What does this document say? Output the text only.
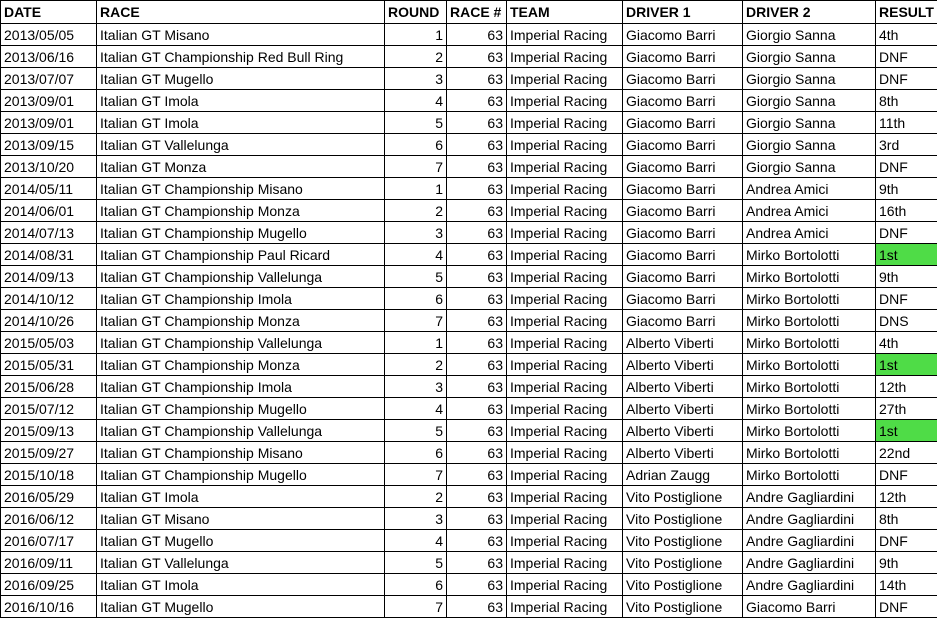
DATE	RACE	ROUND	RACE #	TEAM	DRIVER 1	DRIVER 2	RESULT
2013/05/05	Italian GT Misano	1	63	Imperial Racing	Giacomo Barri	Giorgio Sanna	4th
2013/06/16	Italian GT Championship Red Bull Ring	2	63	Imperial Racing	Giacomo Barri	Giorgio Sanna	DNF
2013/07/07	Italian GT Mugello	3	63	Imperial Racing	Giacomo Barri	Giorgio Sanna	DNF
2013/09/01	Italian GT Imola	4	63	Imperial Racing	Giacomo Barri	Giorgio Sanna	8th
2013/09/01	Italian GT Imola	5	63	Imperial Racing	Giacomo Barri	Giorgio Sanna	11th
2013/09/15	Italian GT Vallelunga	6	63	Imperial Racing	Giacomo Barri	Giorgio Sanna	3rd
2013/10/20	Italian GT Monza	7	63	Imperial Racing	Giacomo Barri	Giorgio Sanna	DNF
2014/05/11	Italian GT Championship Misano	1	63	Imperial Racing	Giacomo Barri	Andrea Amici	9th
2014/06/01	Italian GT Championship Monza	2	63	Imperial Racing	Giacomo Barri	Andrea Amici	16th
2014/07/13	Italian GT Championship Mugello	3	63	Imperial Racing	Giacomo Barri	Andrea Amici	DNF
2014/08/31	Italian GT Championship Paul Ricard	4	63	Imperial Racing	Giacomo Barri	Mirko Bortolotti	1st
2014/09/13	Italian GT Championship Vallelunga	5	63	Imperial Racing	Giacomo Barri	Mirko Bortolotti	9th
2014/10/12	Italian GT Championship Imola	6	63	Imperial Racing	Giacomo Barri	Mirko Bortolotti	DNF
2014/10/26	Italian GT Championship Monza	7	63	Imperial Racing	Giacomo Barri	Mirko Bortolotti	DNS
2015/05/03	Italian GT Championship Vallelunga	1	63	Imperial Racing	Alberto Viberti	Mirko Bortolotti	4th
2015/05/31	Italian GT Championship Monza	2	63	Imperial Racing	Alberto Viberti	Mirko Bortolotti	1st
2015/06/28	Italian GT Championship Imola	3	63	Imperial Racing	Alberto Viberti	Mirko Bortolotti	12th
2015/07/12	Italian GT Championship Mugello	4	63	Imperial Racing	Alberto Viberti	Mirko Bortolotti	27th
2015/09/13	Italian GT Championship Vallelunga	5	63	Imperial Racing	Alberto Viberti	Mirko Bortolotti	1st
2015/09/27	Italian GT Championship Misano	6	63	Imperial Racing	Alberto Viberti	Mirko Bortolotti	22nd
2015/10/18	Italian GT Championship Mugello	7	63	Imperial Racing	Adrian Zaugg	Mirko Bortolotti	DNF
2016/05/29	Italian GT Imola	2	63	Imperial Racing	Vito Postiglione	Andre Gagliardini	12th
2016/06/12	Italian GT Misano	3	63	Imperial Racing	Vito Postiglione	Andre Gagliardini	8th
2016/07/17	Italian GT Mugello	4	63	Imperial Racing	Vito Postiglione	Andre Gagliardini	DNF
2016/09/11	Italian GT Vallelunga	5	63	Imperial Racing	Vito Postiglione	Andre Gagliardini	9th
2016/09/25	Italian GT Imola	6	63	Imperial Racing	Vito Postiglione	Andre Gagliardini	14th
2016/10/16	Italian GT Mugello	7	63	Imperial Racing	Vito Postiglione	Giacomo Barri	DNF
